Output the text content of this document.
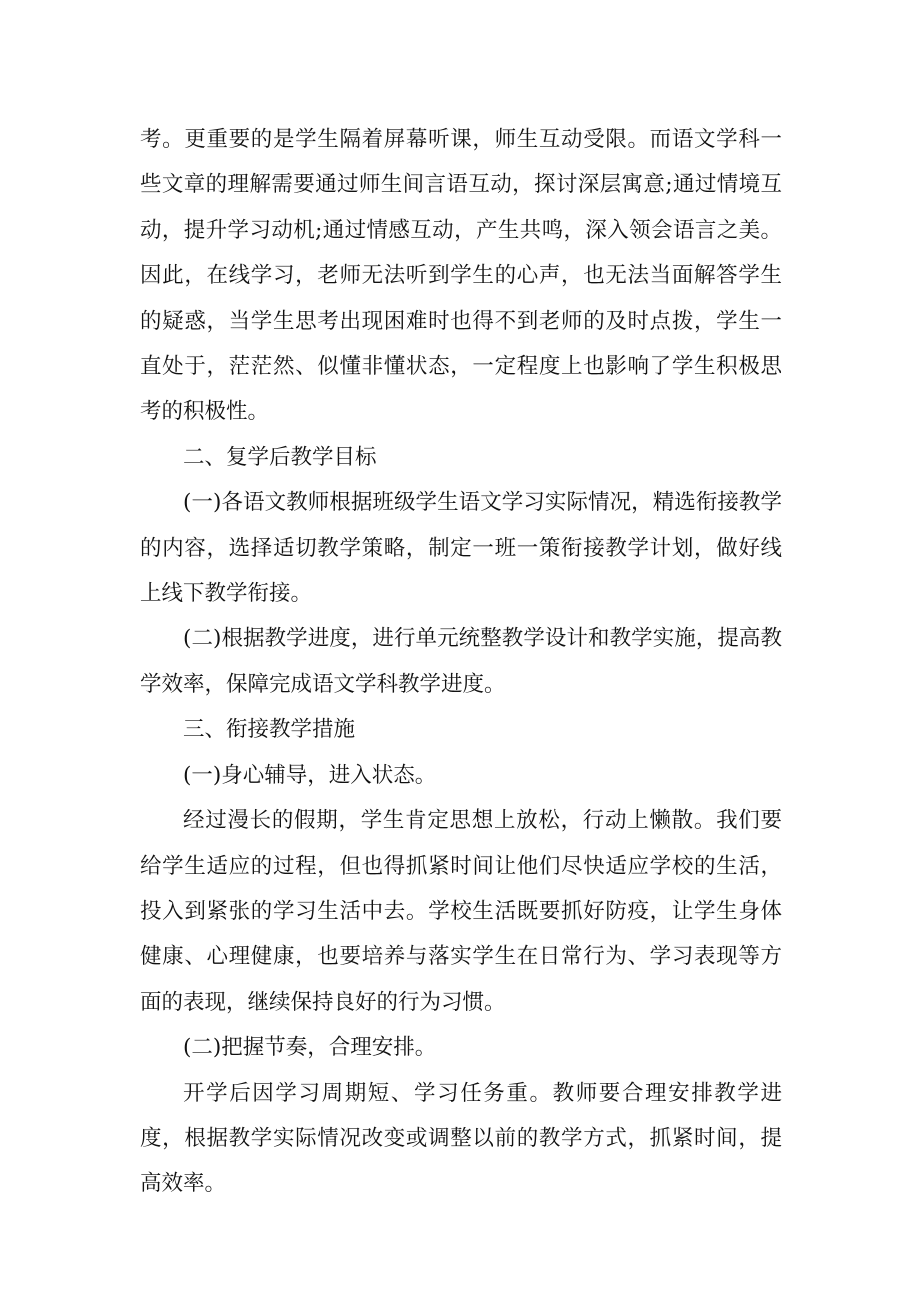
考。更重要的是学生隔着屏幕听课，师生互动受限。而语文学科一些文章的理解需要通过师生间言语互动，探讨深层寓意;通过情境互动，提升学习动机;通过情感互动，产生共鸣，深入领会语言之美。因此，在线学习，老师无法听到学生的心声，也无法当面解答学生的疑惑，当学生思考出现困难时也得不到老师的及时点拨，学生一直处于，茫茫然、似懂非懂状态，一定程度上也影响了学生积极思考的积极性。

二、复学后教学目标

(一)各语文教师根据班级学生语文学习实际情况，精选衔接教学的内容，选择适切教学策略，制定一班一策衔接教学计划，做好线上线下教学衔接。

(二)根据教学进度，进行单元统整教学设计和教学实施，提高教学效率，保障完成语文学科教学进度。

三、衔接教学措施

(一)身心辅导，进入状态。

经过漫长的假期，学生肯定思想上放松，行动上懒散。我们要给学生适应的过程，但也得抓紧时间让他们尽快适应学校的生活，投入到紧张的学习生活中去。学校生活既要抓好防疫，让学生身体健康、心理健康，也要培养与落实学生在日常行为、学习表现等方面的表现，继续保持良好的行为习惯。

(二)把握节奏，合理安排。

开学后因学习周期短、学习任务重。教师要合理安排教学进度，根据教学实际情况改变或调整以前的教学方式，抓紧时间，提高效率。
